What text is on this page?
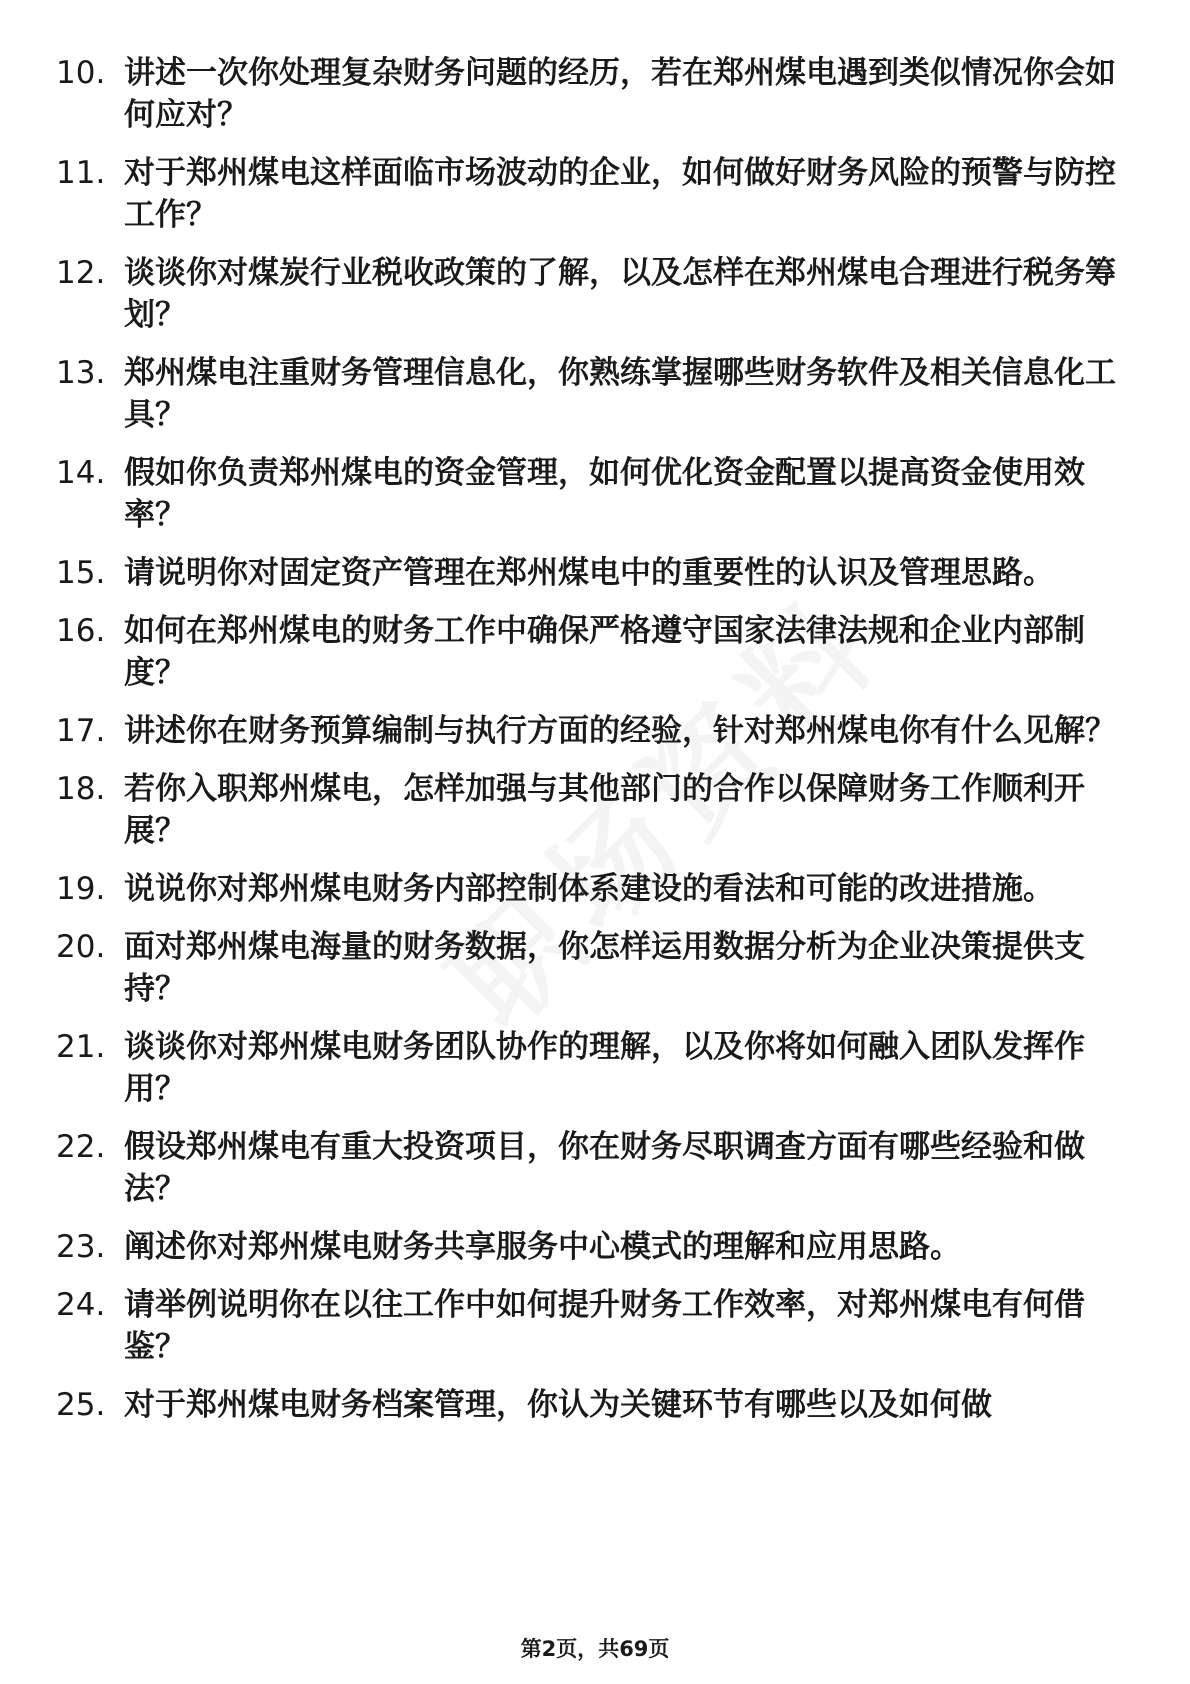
10. 讲述一次你处理复杂财务问题的经历，若在郑州煤电遇到类似情况你会如何应对？
11. 对于郑州煤电这样面临市场波动的企业，如何做好财务风险的预警与防控工作？
12. 谈谈你对煤炭行业税收政策的了解，以及怎样在郑州煤电合理进行税务筹划？
13. 郑州煤电注重财务管理信息化，你熟练掌握哪些财务软件及相关信息化工具？
14. 假如你负责郑州煤电的资金管理，如何优化资金配置以提高资金使用效率？
15. 请说明你对固定资产管理在郑州煤电中的重要性的认识及管理思路。
16. 如何在郑州煤电的财务工作中确保严格遵守国家法律法规和企业内部制度？
17. 讲述你在财务预算编制与执行方面的经验，针对郑州煤电你有什么见解？
18. 若你入职郑州煤电，怎样加强与其他部门的合作以保障财务工作顺利开展？
19. 说说你对郑州煤电财务内部控制体系建设的看法和可能的改进措施。
20. 面对郑州煤电海量的财务数据，你怎样运用数据分析为企业决策提供支持？
21. 谈谈你对郑州煤电财务团队协作的理解，以及你将如何融入团队发挥作用？
22. 假设郑州煤电有重大投资项目，你在财务尽职调查方面有哪些经验和做法？
23. 阐述你对郑州煤电财务共享服务中心模式的理解和应用思路。
24. 请举例说明你在以往工作中如何提升财务工作效率，对郑州煤电有何借鉴？
25. 对于郑州煤电财务档案管理，你认为关键环节有哪些以及如何做
第2页，共69页
